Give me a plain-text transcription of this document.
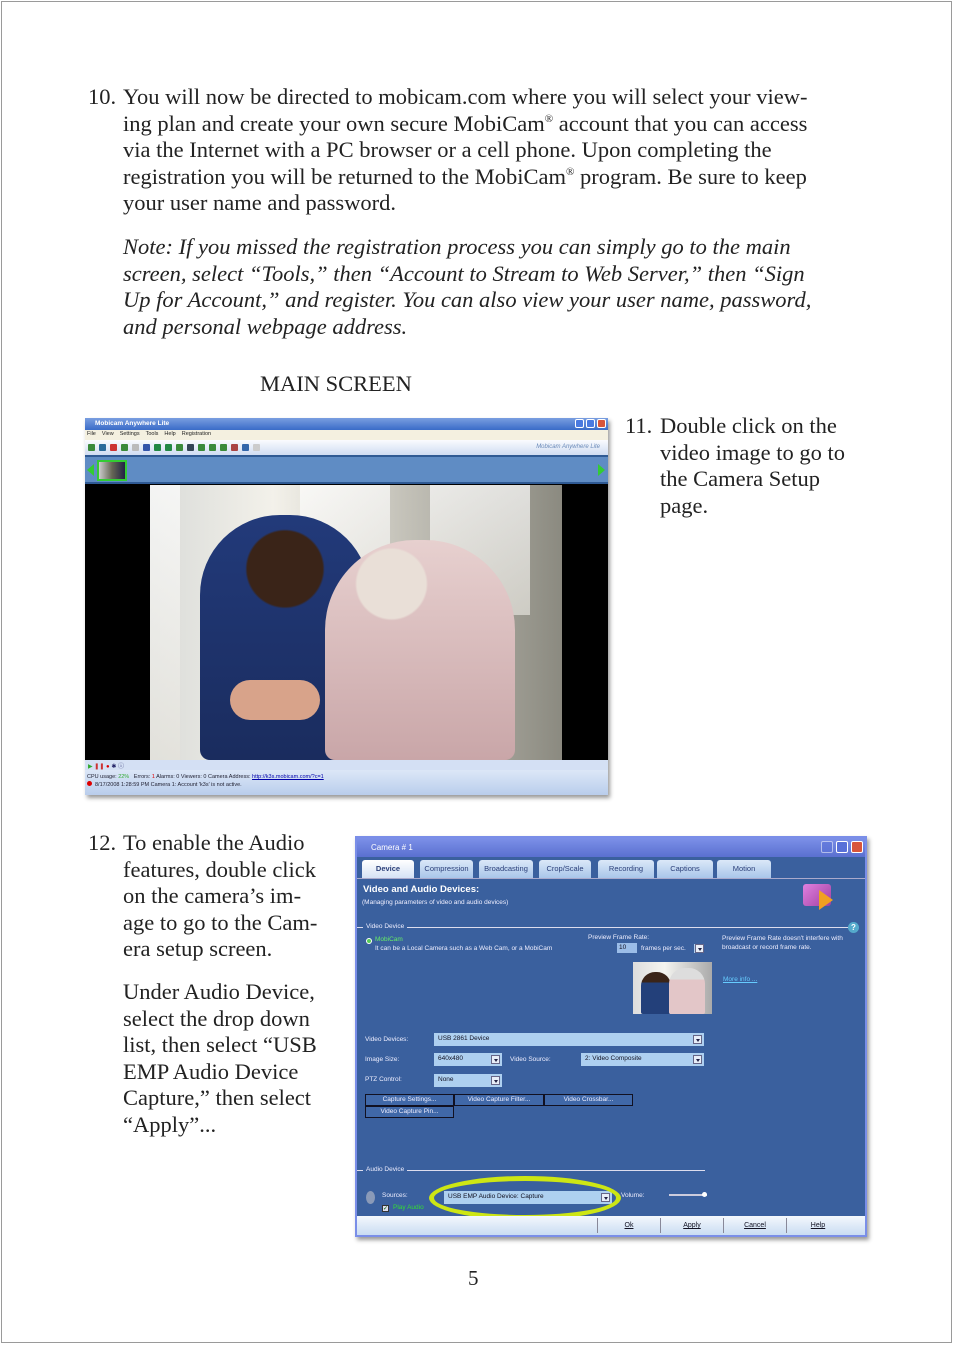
10. You will now be directed to mobicam.com where you will select your view-
ing plan and create your own secure MobiCam® account that you can access
via the Internet with a PC browser or a cell phone. Upon completing the
registration you will be returned to the MobiCam® program. Be sure to keep
your user name and password.
Note: If you missed the registration process you can simply go to the main
screen, select “Tools,” then “Account to Stream to Web Server,” then “Sign
Up for Account,” and register. You can also view your user name, password,
and personal webpage address.
MAIN SCREEN
Mobicam Anywhere Lite
File View Settings Tools Help Registration
Mobicam Anywhere Lite
▶ ❚❚ ● ✱ ⓘ
CPU usage: 22% Errors: 1 Alarms: 0 Viewers: 0 Camera Address: http://k3s.mobicam.com/?c=1
8/17/2008 1:28:59 PM Camera 1: Account 'k3s' is not active.
11. Double click on the
video image to go to
the Camera Setup
page.
12. To enable the Audio
features, double click
on the camera’s im-
age to go to the Cam-
era setup screen.
Under Audio Device,
select the drop down
list, then select “USB
EMP Audio Device
Capture,” then select
“Apply”...
Camera # 1
Device	Compression	Broadcasting	Crop/Scale	Recording	Captions	Motion
Video and Audio Devices:
(Managing parameters of video and audio devices)
Video Device	?
MobiCam
It can be a Local Camera such as a Web Cam, or a MobiCam
Preview Frame Rate:
10	frames per sec.
Preview Frame Rate doesn't interfere with broadcast or record frame rate.
More info ...
Video Devices:	USB 2861 Device
Image Size:	640x480	Video Source:	2: Video Composite
PTZ Control:	None
Capture Settings...	Video Capture Filter...	Video Crossbar...
Video Capture Pin...
Audio Device
Sources:	USB EMP Audio Device: Capture	Volume:
✓ Play Audio
Ok	Apply	Cancel	Help
5
